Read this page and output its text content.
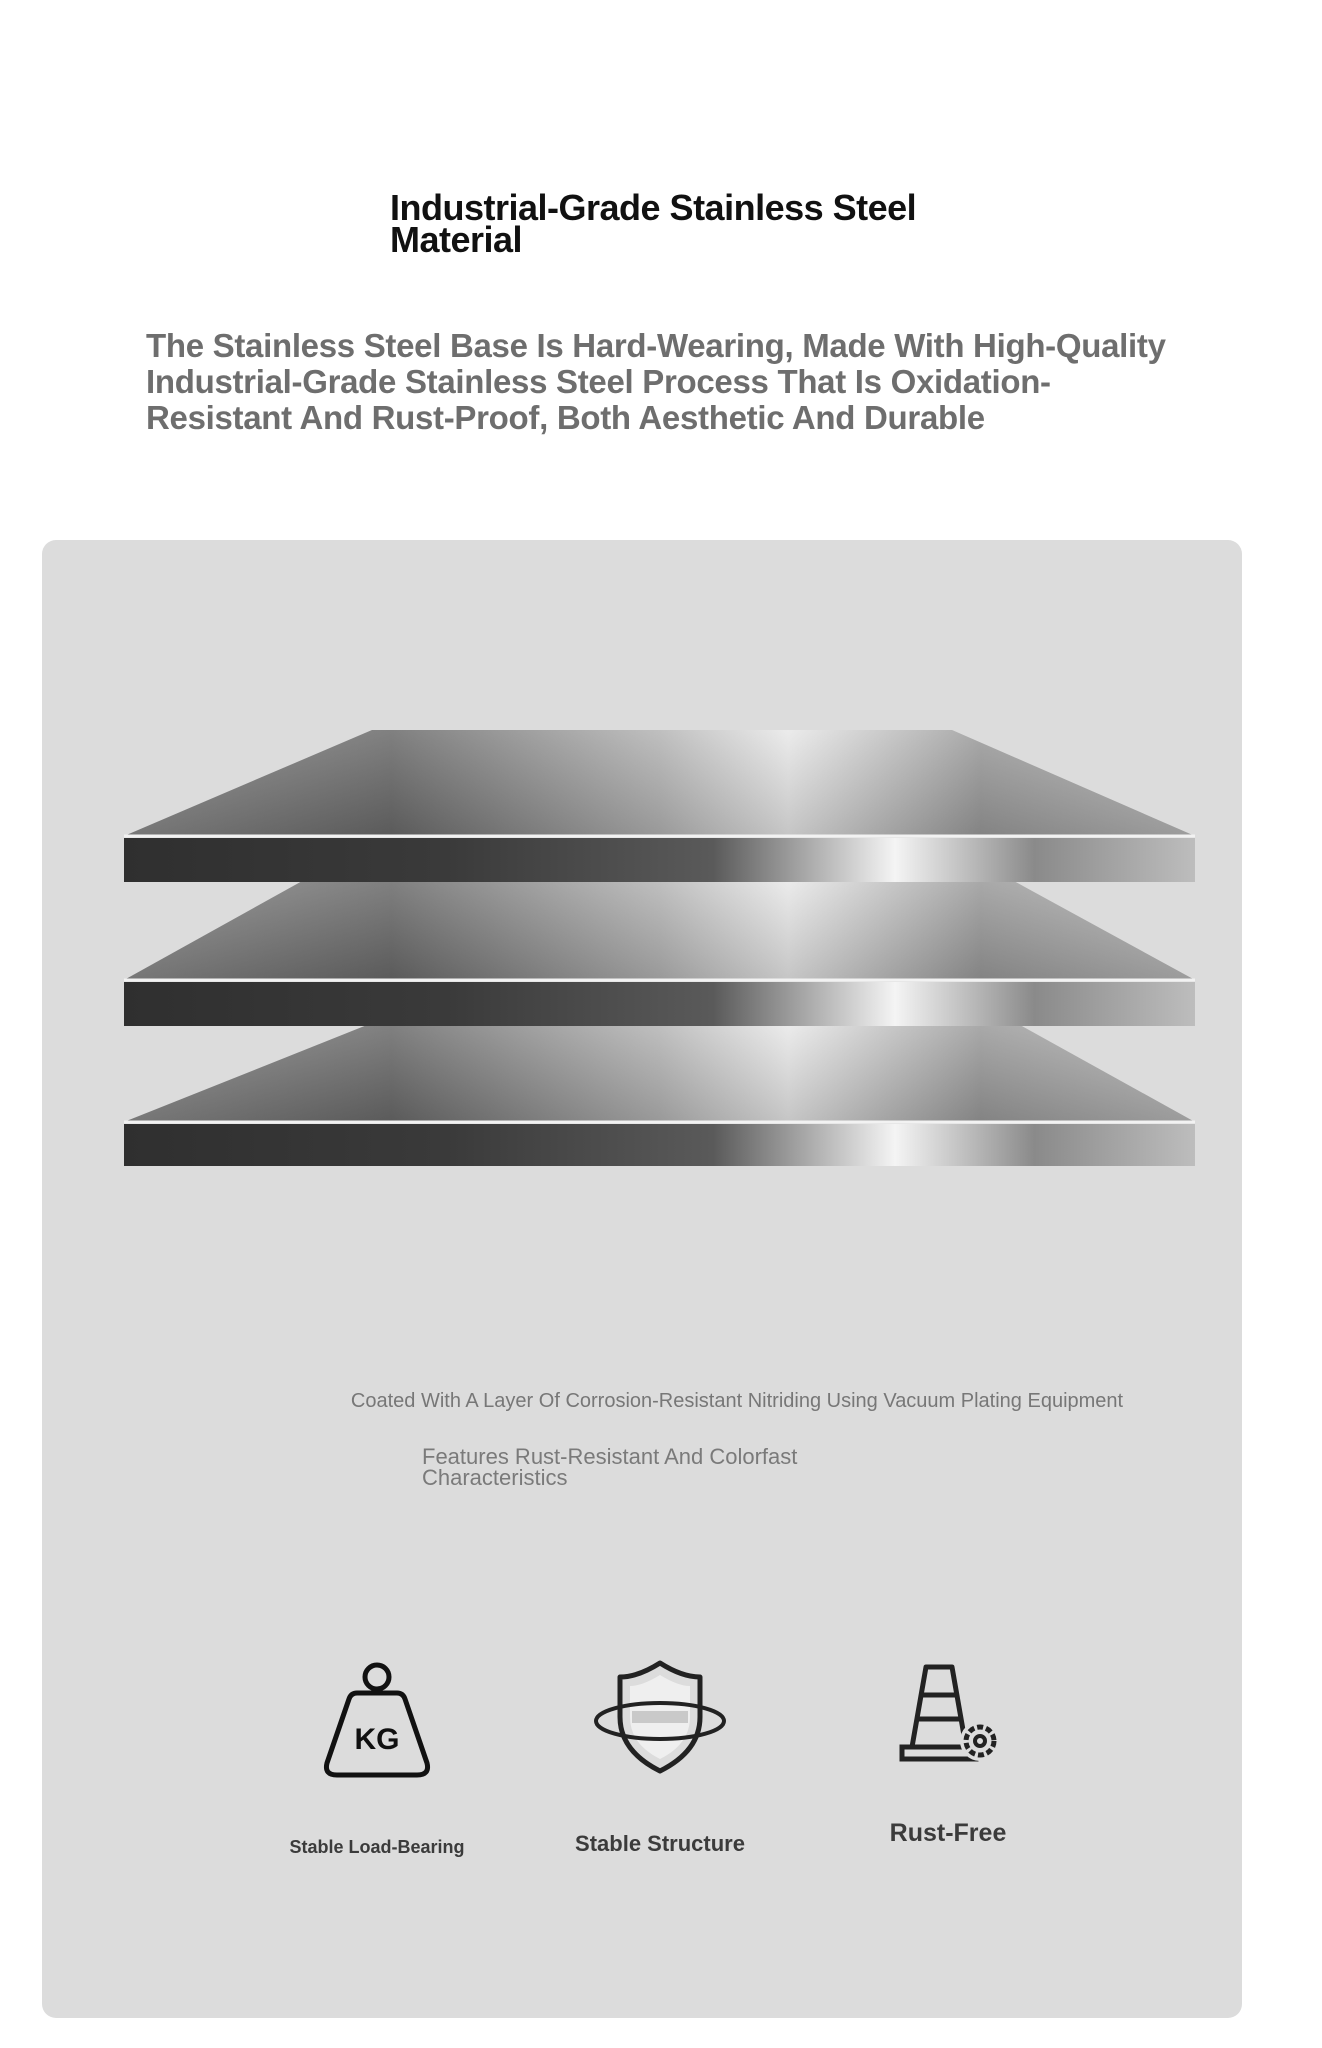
Industrial-Grade Stainless Steel Material

The Stainless Steel Base Is Hard-Wearing, Made With High-Quality Industrial-Grade Stainless Steel Process That Is Oxidation-Resistant And Rust-Proof, Both Aesthetic And Durable

Coated With A Layer Of Corrosion-Resistant Nitriding Using Vacuum Plating Equipment

Features Rust-Resistant And Colorfast Characteristics

KG
Stable Load-Bearing	Stable Structure	Rust-Free
